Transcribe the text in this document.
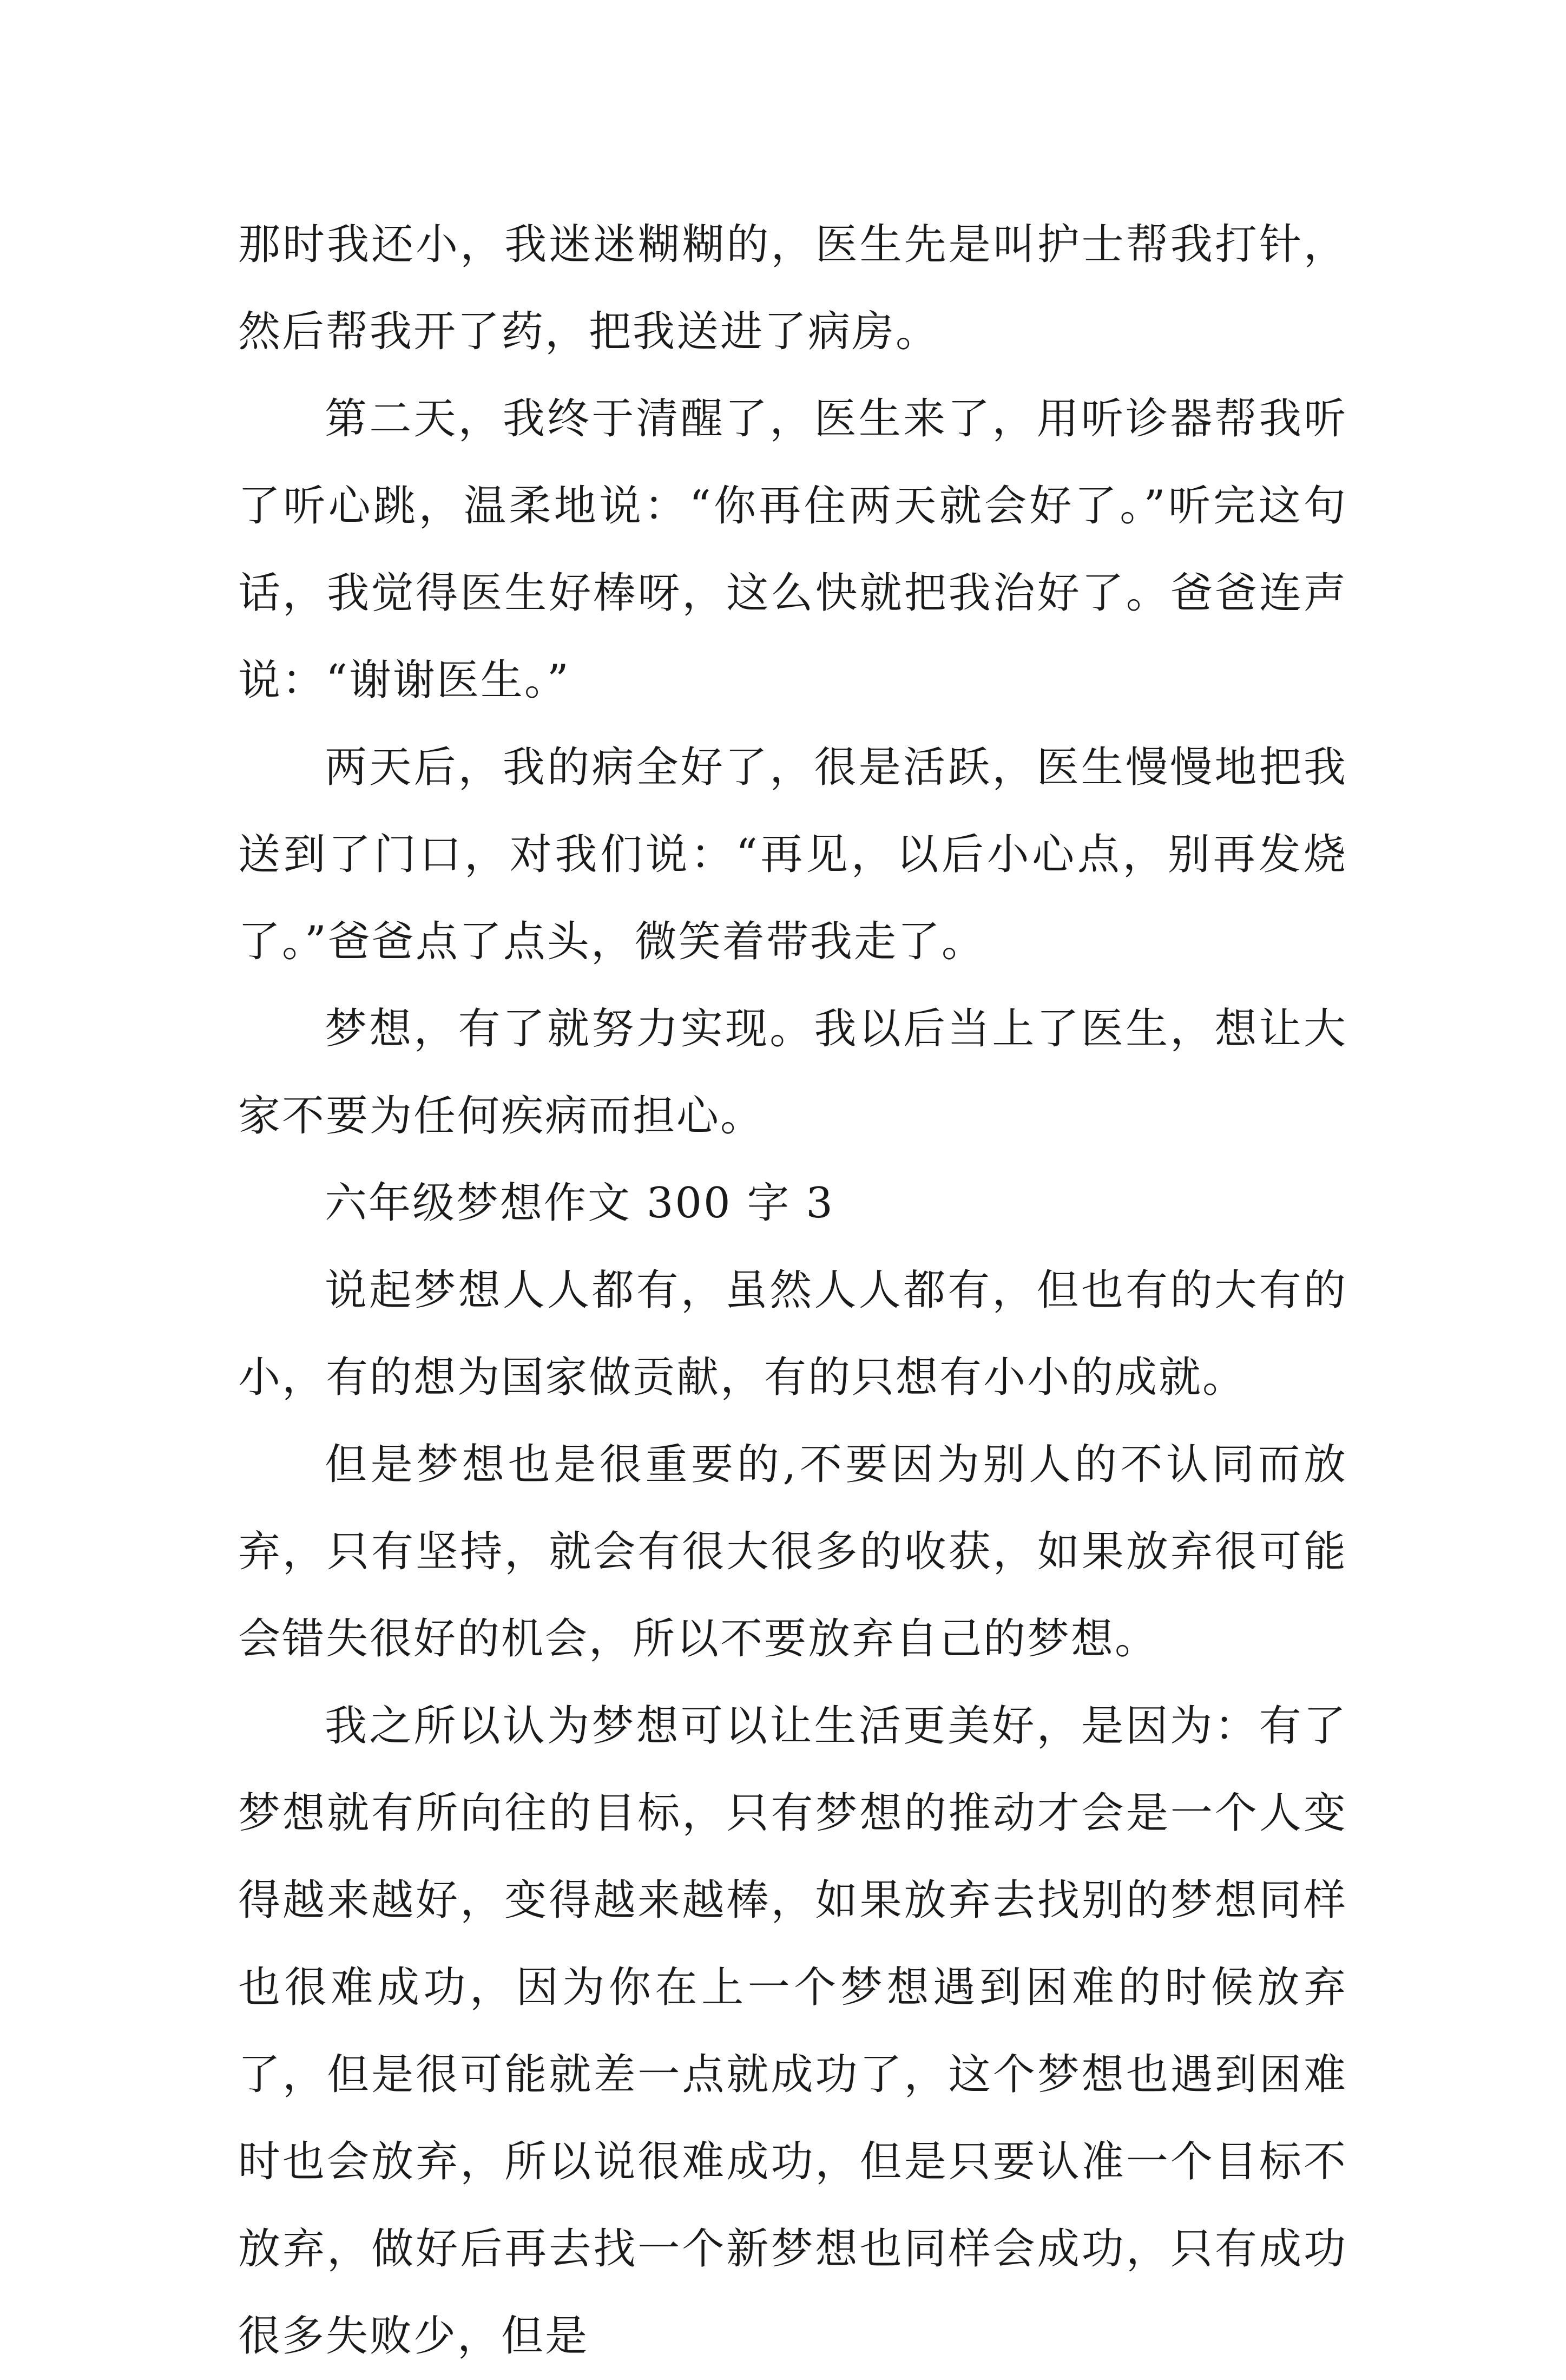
那时我还小，我迷迷糊糊的，医生先是叫护士帮我打针，然后帮我开了药，把我送进了病房。

第二天，我终于清醒了，医生来了，用听诊器帮我听了听心跳，温柔地说：“你再住两天就会好了。”听完这句话，我觉得医生好棒呀，这么快就把我治好了。爸爸连声说：“谢谢医生。”

两天后，我的病全好了，很是活跃，医生慢慢地把我送到了门口，对我们说：“再见，以后小心点，别再发烧了。”爸爸点了点头，微笑着带我走了。

梦想，有了就努力实现。我以后当上了医生，想让大家不要为任何疾病而担心。

六年级梦想作文 300 字 3

说起梦想人人都有，虽然人人都有，但也有的大有的小，有的想为国家做贡献，有的只想有小小的成就。

但是梦想也是很重要的,不要因为别人的不认同而放弃，只有坚持，就会有很大很多的收获，如果放弃很可能会错失很好的机会，所以不要放弃自己的梦想。

我之所以认为梦想可以让生活更美好，是因为：有了梦想就有所向往的目标，只有梦想的推动才会是一个人变得越来越好，变得越来越棒，如果放弃去找别的梦想同样也很难成功，因为你在上一个梦想遇到困难的时候放弃了，但是很可能就差一点就成功了，这个梦想也遇到困难时也会放弃，所以说很难成功，但是只要认准一个目标不放弃，做好后再去找一个新梦想也同样会成功，只有成功很多失败少，但是
